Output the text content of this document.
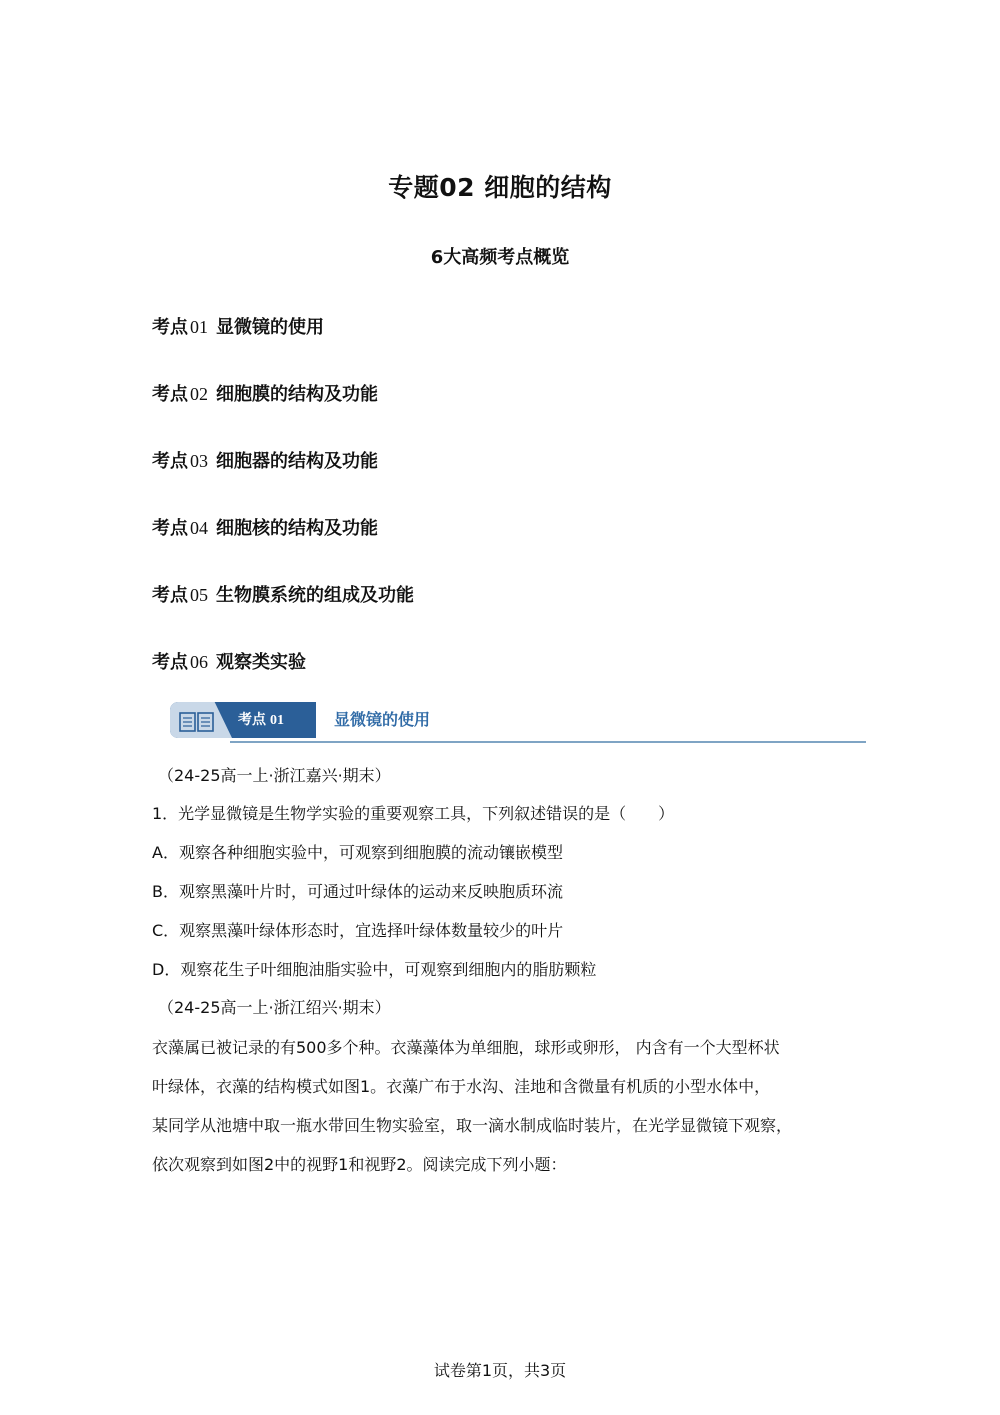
专题02 细胞的结构
6大高频考点概览
考点 01 显微镜的使用
考点 02 细胞膜的结构及功能
考点 03 细胞器的结构及功能
考点 04 细胞核的结构及功能
考点 05 生物膜系统的组成及功能
考点 06 观察类实验
考点 01	显微镜的使用
（24-25高一上·浙江嘉兴·期末）
1．光学显微镜是生物学实验的重要观察工具，下列叙述错误的是（　　）
A．观察各种细胞实验中，可观察到细胞膜的流动镶嵌模型
B．观察黑藻叶片时，可通过叶绿体的运动来反映胞质环流
C．观察黑藻叶绿体形态时，宜选择叶绿体数量较少的叶片
D．观察花生子叶细胞油脂实验中，可观察到细胞内的脂肪颗粒
（24-25高一上·浙江绍兴·期末）
衣藻属已被记录的有500多个种。衣藻藻体为单细胞，球形或卵形， 内含有一个大型杯状
叶绿体，衣藻的结构模式如图1。衣藻广布于水沟、洼地和含微量有机质的小型水体中，
某同学从池塘中取一瓶水带回生物实验室，取一滴水制成临时装片，在光学显微镜下观察，
依次观察到如图2中的视野1和视野2。阅读完成下列小题：
试卷第1页，共3页
